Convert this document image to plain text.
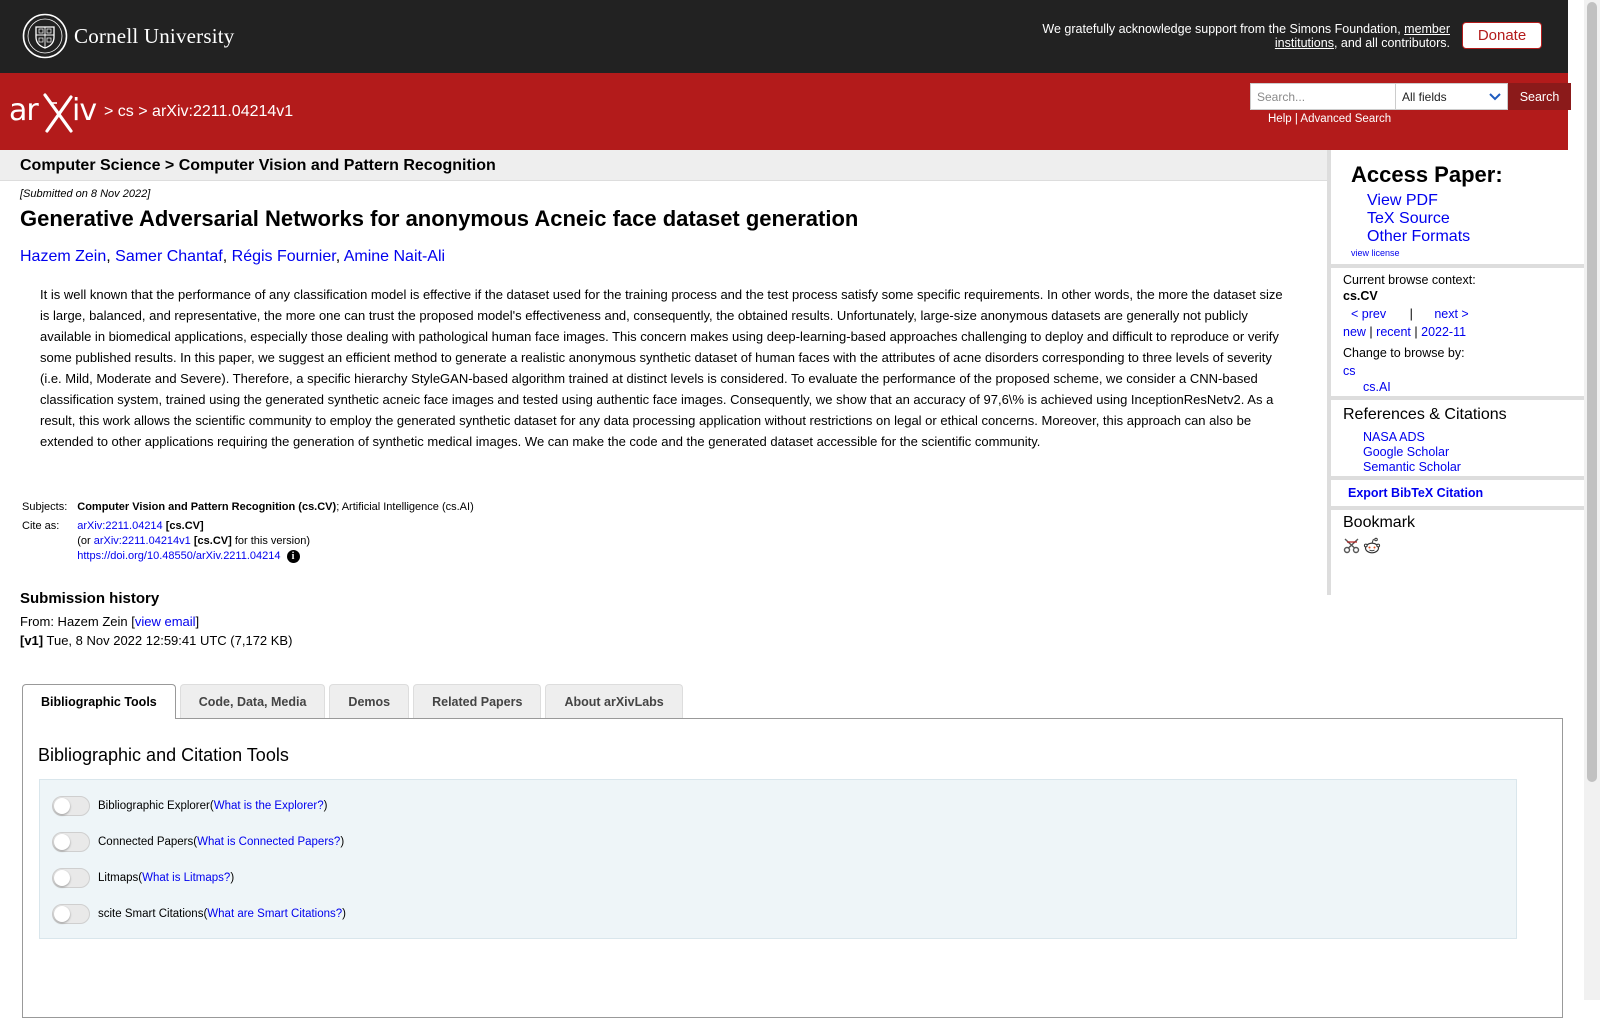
Cornell University	We gratefully acknowledge support from the Simons Foundation, member institutions, and all contributors.	Donate
ar iv > cs > arXiv:2211.04214v1
Search...
All fields	Search
Help | Advanced Search
Computer Science > Computer Vision and Pattern Recognition
[Submitted on 8 Nov 2022]
Generative Adversarial Networks for anonymous Acneic face dataset generation
Hazem Zein, Samer Chantaf, Régis Fournier, Amine Nait-Ali
It is well known that the performance of any classification model is effective if the dataset used for the training process and the test process satisfy some specific requirements. In other words, the more the dataset size is large, balanced, and representative, the more one can trust the proposed model's effectiveness and, consequently, the obtained results. Unfortunately, large-size anonymous datasets are generally not publicly available in biomedical applications, especially those dealing with pathological human face images. This concern makes using deep-learning-based approaches challenging to deploy and difficult to reproduce or verify some published results. In this paper, we suggest an efficient method to generate a realistic anonymous synthetic dataset of human faces with the attributes of acne disorders corresponding to three levels of severity (i.e. Mild, Moderate and Severe). Therefore, a specific hierarchy StyleGAN-based algorithm trained at distinct levels is considered. To evaluate the performance of the proposed scheme, we consider a CNN-based classification system, trained using the generated synthetic acneic face images and tested using authentic face images. Consequently, we show that an accuracy of 97,6\% is achieved using InceptionResNetv2. As a result, this work allows the scientific community to employ the generated synthetic dataset for any data processing application without restrictions on legal or ethical concerns. Moreover, this approach can also be extended to other applications requiring the generation of synthetic medical images. We can make the code and the generated dataset accessible for the scientific community.
Subjects:	Computer Vision and Pattern Recognition (cs.CV); Artificial Intelligence (cs.AI)
Cite as:	arXiv:2211.04214 [cs.CV]
(or arXiv:2211.04214v1 [cs.CV] for this version)
https://doi.org/10.48550/arXiv.2211.04214 i
Submission history
From: Hazem Zein [view email]
[v1] Tue, 8 Nov 2022 12:59:41 UTC (7,172 KB)
Bibliographic Tools	Code, Data, Media	Demos	Related Papers	About arXivLabs
Bibliographic and Citation Tools
Bibliographic Explorer ( What is the Explorer? )
Connected Papers ( What is Connected Papers? )
Litmaps ( What is Litmaps? )
scite Smart Citations ( What are Smart Citations? )
Access Paper:
View PDF
TeX Source
Other Formats
view license
Current browse context:
cs.CV
< prev | next >
new | recent | 2022-11
Change to browse by:
cs
cs.AI
References & Citations
NASA ADS
Google Scholar
Semantic Scholar
Export BibTeX Citation
Bookmark
